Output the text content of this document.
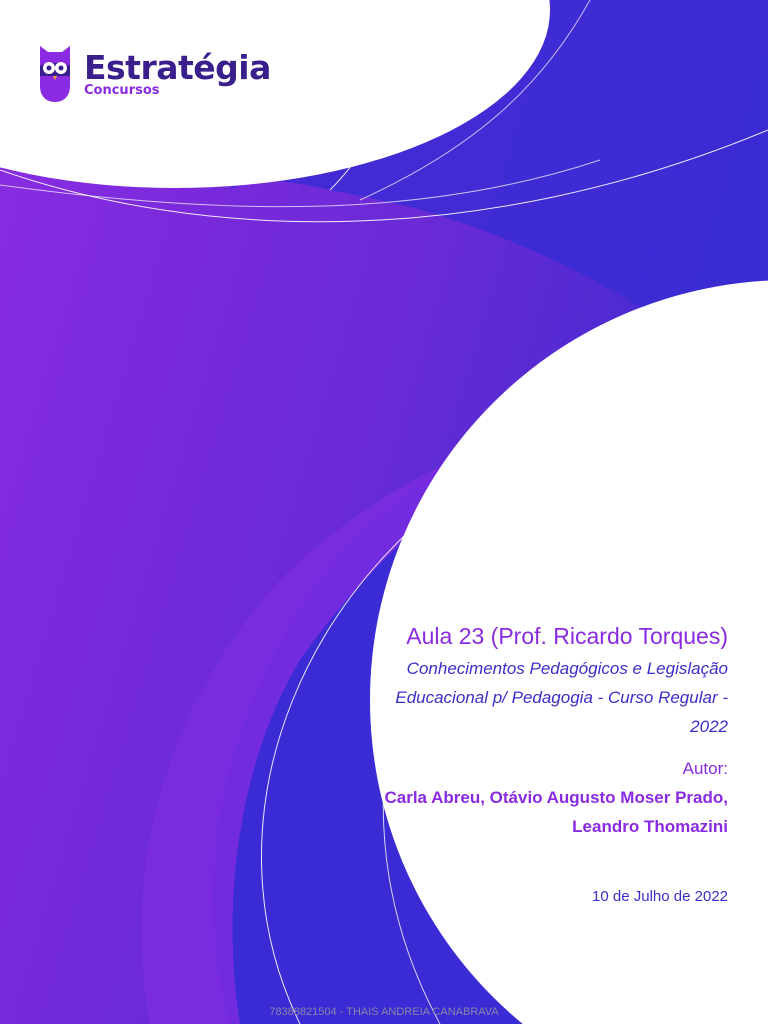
Estratégia
Concursos

Aula 23 (Prof. Ricardo Torques)

Conhecimentos Pedagógicos e Legislação Educacional p/ Pedagogia - Curso Regular - 2022

Autor:

Carla Abreu, Otávio Augusto Moser Prado, Leandro Thomazini

10 de Julho de 2022

78388821504 - THAIS ANDREIA CANABRAVA
